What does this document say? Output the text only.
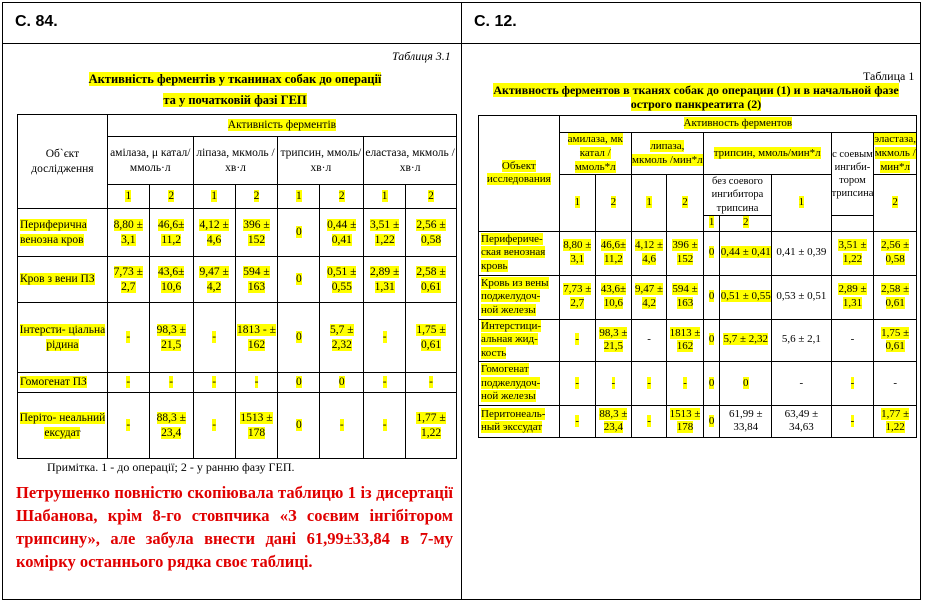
С. 84.	С. 12.
Таблиця 3.1
Активність ферментів у тканинах собак до операції
та у початковій фазі ГЕП
Об`єкт дослідження	Активність ферментів							
	амілаза, μ катал/ммоль·л		ліпаза, мкмоль /хв·л		трипсин, ммоль/хв·л		еластаза, мкмоль /хв·л	
	1	2	1	2	1	2	1	2
Периферична венозна кров	8,80 ± 3,1	46,6± 11,2	4,12 ± 4,6	396 ± 152	0	0,44 ± 0,41	3,51 ± 1,22	2,56 ± 0,58
Кров з вени ПЗ	7,73 ± 2,7	43,6± 10,6	9,47 ± 4,2	594 ± 163	0	0,51 ± 0,55	2,89 ± 1,31	2,58 ± 0,61
Інтерсти- ціальна рідина	-	98,3 ± 21,5	-	1813 - ± 162	0	5,7 ± 2,32	-	1,75 ± 0,61
Гомогенат ПЗ	-	-	-	-	0	0	-	-
Періто- неальний ексудат	-	88,3 ± 23,4	-	1513 ± 178	0	-	-	1,77 ± 1,22
Примітка. 1 - до операції; 2 - у ранню фазу ГЕП.
Петрушенко повністю скопіювала таблицю 1 із дисертації Шабанова, крім 8-го стовпчика «З соєвим інгібітором трипсину», але забула внести дані 61,99±33,84 в 7-му комірку останнього рядка своє таблиці.
Таблица 1
Активность ферментов в тканях собак до операции (1) и в начальной фазе
острого панкреатита (2)
Объект исследования	Активность ферментов								
	амилаза, мк катал /ммоль*л		липаза, мкмоль /мин*л		трипсин, ммоль/мин*л			с соевым ингиби- тором трипсина	эластаза, мкмоль /мин*л
	1	2	1	2	без соевого ингибитора трипсина		1		2
					1	2			
Перифериче- ская венозная кровь	8,80 ± 3,1	46,6± 11,2	4,12 ± 4,6	396 ± 152	0	0,44 ± 0,41	0,41 ± 0,39	3,51 ± 1,22	2,56 ± 0,58
Кровь из вены поджелудоч- ной железы	7,73 ± 2,7	43,6± 10,6	9,47 ± 4,2	594 ± 163	0	0,51 ± 0,55	0,53 ± 0,51	2,89 ± 1,31	2,58 ± 0,61
Интерстици- альная жид- кость	-	98,3 ± 21,5	-	1813 ± 162	0	5,7 ± 2,32	5,6 ± 2,1	-	1,75 ± 0,61
Гомогенат поджелудоч- ной железы	-	-	-	-	0	0	-	-	-
Перитонеаль- ный экссудат	-	88,3 ± 23,4	-	1513 ± 178	0	61,99 ± 33,84	63,49 ± 34,63	-	1,77 ± 1,22
